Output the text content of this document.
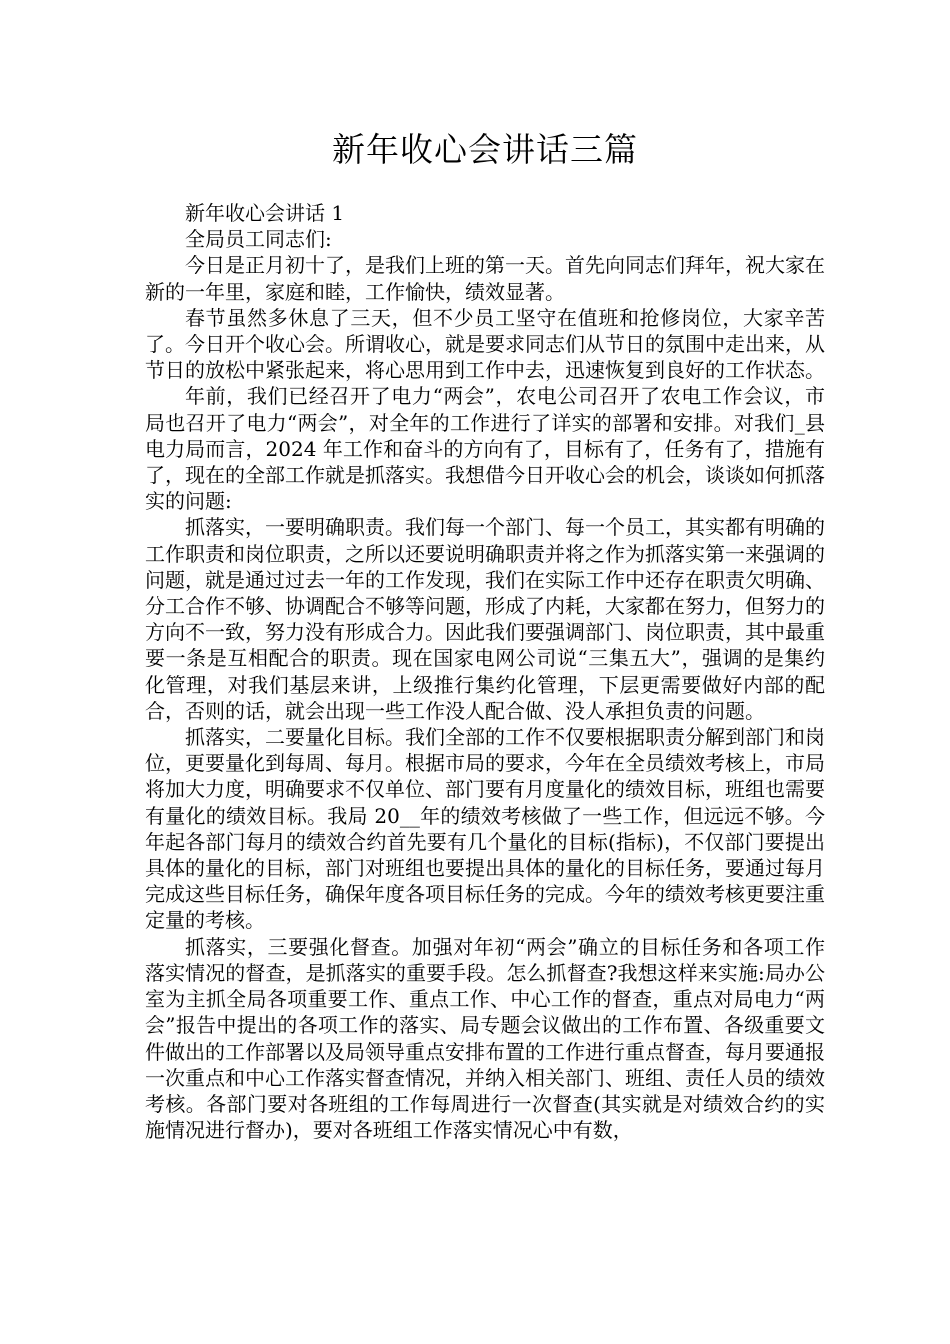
新年收心会讲话三篇

新年收心会讲话 1

全局员工同志们:

今日是正月初十了，是我们上班的第一天。首先向同志们拜年，祝大家在新的一年里，家庭和睦，工作愉快，绩效显著。

春节虽然多休息了三天，但不少员工坚守在值班和抢修岗位，大家辛苦了。今日开个收心会。所谓收心，就是要求同志们从节日的氛围中走出来，从节日的放松中紧张起来，将心思用到工作中去，迅速恢复到良好的工作状态。

年前，我们已经召开了电力“两会”，农电公司召开了农电工作会议，市局也召开了电力“两会”，对全年的工作进行了详实的部署和安排。对我们_县电力局而言，2024 年工作和奋斗的方向有了，目标有了，任务有了，措施有了，现在的全部工作就是抓落实。我想借今日开收心会的机会，谈谈如何抓落实的问题:

抓落实，一要明确职责。我们每一个部门、每一个员工，其实都有明确的工作职责和岗位职责，之所以还要说明确职责并将之作为抓落实第一来强调的问题，就是通过过去一年的工作发现，我们在实际工作中还存在职责欠明确、分工合作不够、协调配合不够等问题，形成了内耗，大家都在努力，但努力的方向不一致，努力没有形成合力。因此我们要强调部门、岗位职责，其中最重要一条是互相配合的职责。现在国家电网公司说“三集五大”，强调的是集约化管理，对我们基层来讲，上级推行集约化管理，下层更需要做好内部的配合，否则的话，就会出现一些工作没人配合做、没人承担负责的问题。

抓落实，二要量化目标。我们全部的工作不仅要根据职责分解到部门和岗位，更要量化到每周、每月。根据市局的要求，今年在全员绩效考核上，市局将加大力度，明确要求不仅单位、部门要有月度量化的绩效目标，班组也需要有量化的绩效目标。我局 20__年的绩效考核做了一些工作，但远远不够。今年起各部门每月的绩效合约首先要有几个量化的目标(指标)，不仅部门要提出具体的量化的目标，部门对班组也要提出具体的量化的目标任务，要通过每月完成这些目标任务，确保年度各项目标任务的完成。今年的绩效考核更要注重定量的考核。

抓落实，三要强化督查。加强对年初“两会”确立的目标任务和各项工作落实情况的督查，是抓落实的重要手段。怎么抓督查?我想这样来实施:局办公室为主抓全局各项重要工作、重点工作、中心工作的督查，重点对局电力“两会”报告中提出的各项工作的落实、局专题会议做出的工作布置、各级重要文件做出的工作部署以及局领导重点安排布置的工作进行重点督查，每月要通报一次重点和中心工作落实督查情况，并纳入相关部门、班组、责任人员的绩效考核。各部门要对各班组的工作每周进行一次督查(其实就是对绩效合约的实施情况进行督办)，要对各班组工作落实情况心中有数，
